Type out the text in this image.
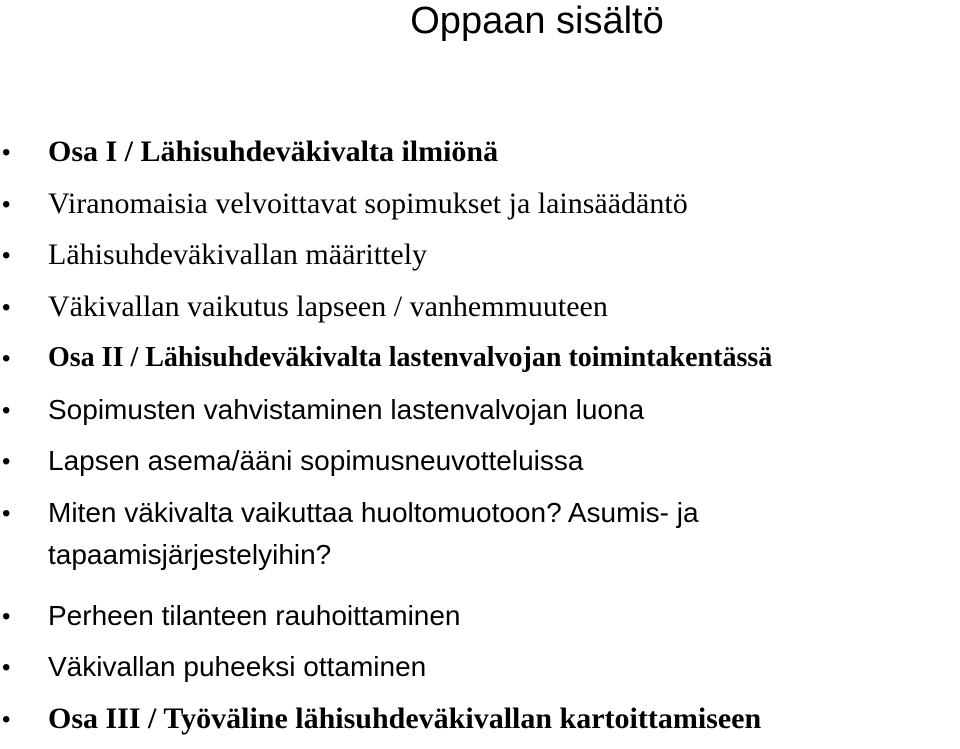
Oppaan sisältö
• Osa I / Lähisuhdeväkivalta ilmiönä
• Viranomaisia velvoittavat sopimukset ja lainsäädäntö
• Lähisuhdeväkivallan määrittely
• Väkivallan vaikutus lapseen / vanhemmuuteen
• Osa II / Lähisuhdeväkivalta lastenvalvojan toimintakentässä
• Sopimusten vahvistaminen lastenvalvojan luona
• Lapsen asema/ääni sopimusneuvotteluissa
• Miten väkivalta vaikuttaa huoltomuotoon? Asumis- ja tapaamisjärjestelyihin?
• Perheen tilanteen rauhoittaminen
• Väkivallan puheeksi ottaminen
• Osa III / Työväline lähisuhdeväkivallan kartoittamiseen
